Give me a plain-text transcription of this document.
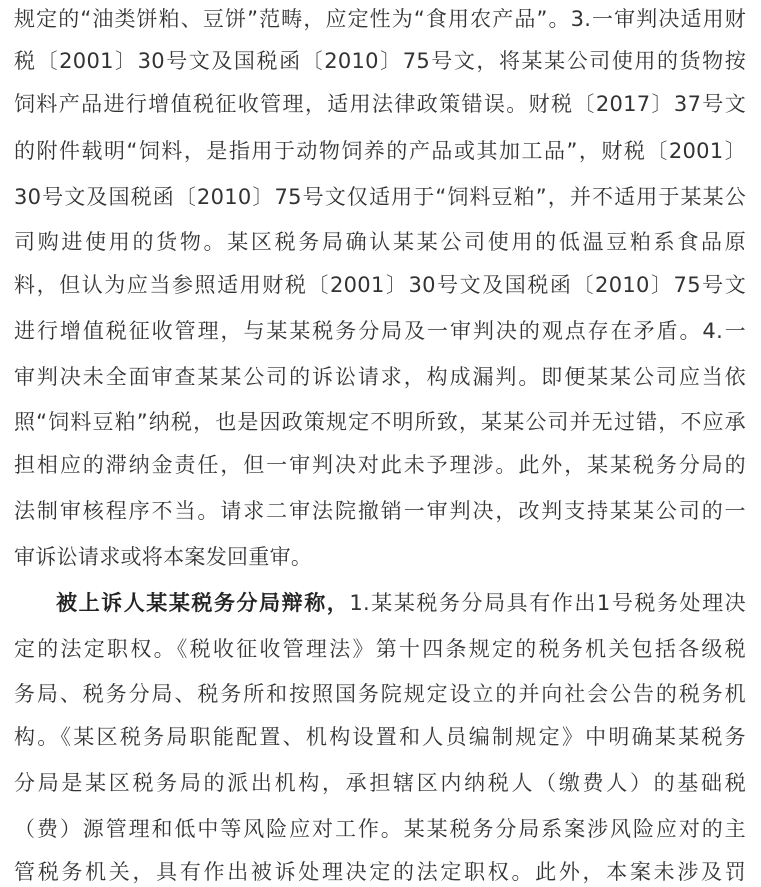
规定的“油类饼粕、豆饼”范畴，应定性为“食用农产品”。3.一审判决适用财
税〔2001〕30号文及国税函〔2010〕75号文，将某某公司使用的货物按
饲料产品进行增值税征收管理，适用法律政策错误。财税〔2017〕37号文
的附件载明“饲料，是指用于动物饲养的产品或其加工品”，财税〔2001〕
30号文及国税函〔2010〕75号文仅适用于“饲料豆粕”，并不适用于某某公
司购进使用的货物。某区税务局确认某某公司使用的低温豆粕系食品原
料，但认为应当参照适用财税〔2001〕30号文及国税函〔2010〕75号文
进行增值税征收管理，与某某税务分局及一审判决的观点存在矛盾。4.一
审判决未全面审查某某公司的诉讼请求，构成漏判。即便某某公司应当依
照“饲料豆粕”纳税，也是因政策规定不明所致，某某公司并无过错，不应承
担相应的滞纳金责任，但一审判决对此未予理涉。此外，某某税务分局的
法制审核程序不当。请求二审法院撤销一审判决，改判支持某某公司的一
审诉讼请求或将本案发回重审。
被上诉人某某税务分局辩称，1.某某税务分局具有作出1号税务处理决
定的法定职权。《税收征收管理法》第十四条规定的税务机关包括各级税
务局、税务分局、税务所和按照国务院规定设立的并向社会公告的税务机
构。《某区税务局职能配置、机构设置和人员编制规定》中明确某某税务
分局是某区税务局的派出机构，承担辖区内纳税人（缴费人）的基础税
（费）源管理和低中等风险应对工作。某某税务分局系案涉风险应对的主
管税务机关，具有作出被诉处理决定的法定职权。此外，本案未涉及罚
